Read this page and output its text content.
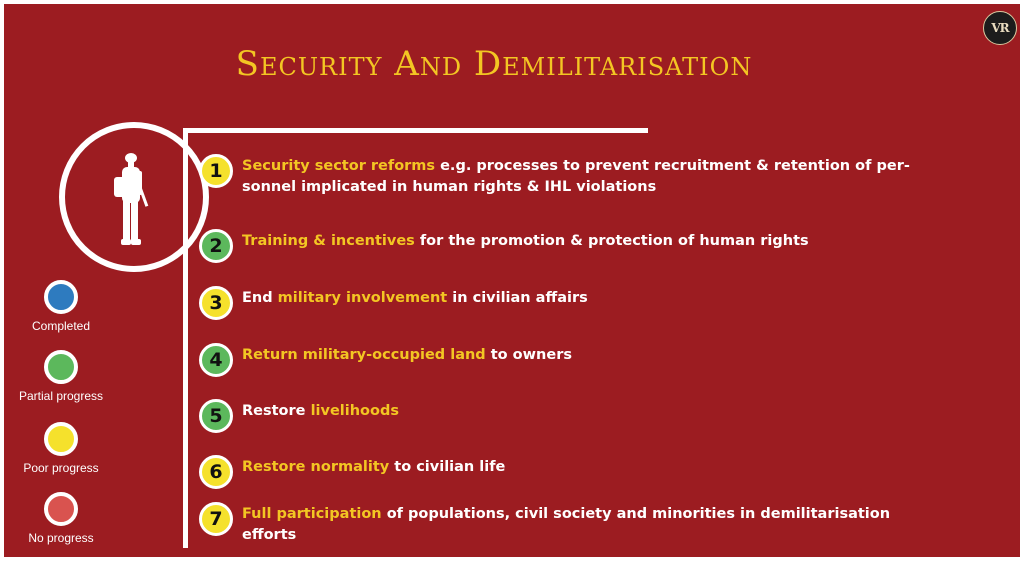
Security And Demilitarisation
VR
Completed
Partial progress
Poor progress
No progress
1	Security sector reforms e.g. processes to prevent recruitment & retention of per-sonnel implicated in human rights & IHL violations
2	Training & incentives for the promotion & protection of human rights
3	End military involvement in civilian affairs
4	Return military-occupied land to owners
5	Restore livelihoods
6	Restore normality to civilian life
7	Full participation of populations, civil society and minorities in demilitarisation efforts
